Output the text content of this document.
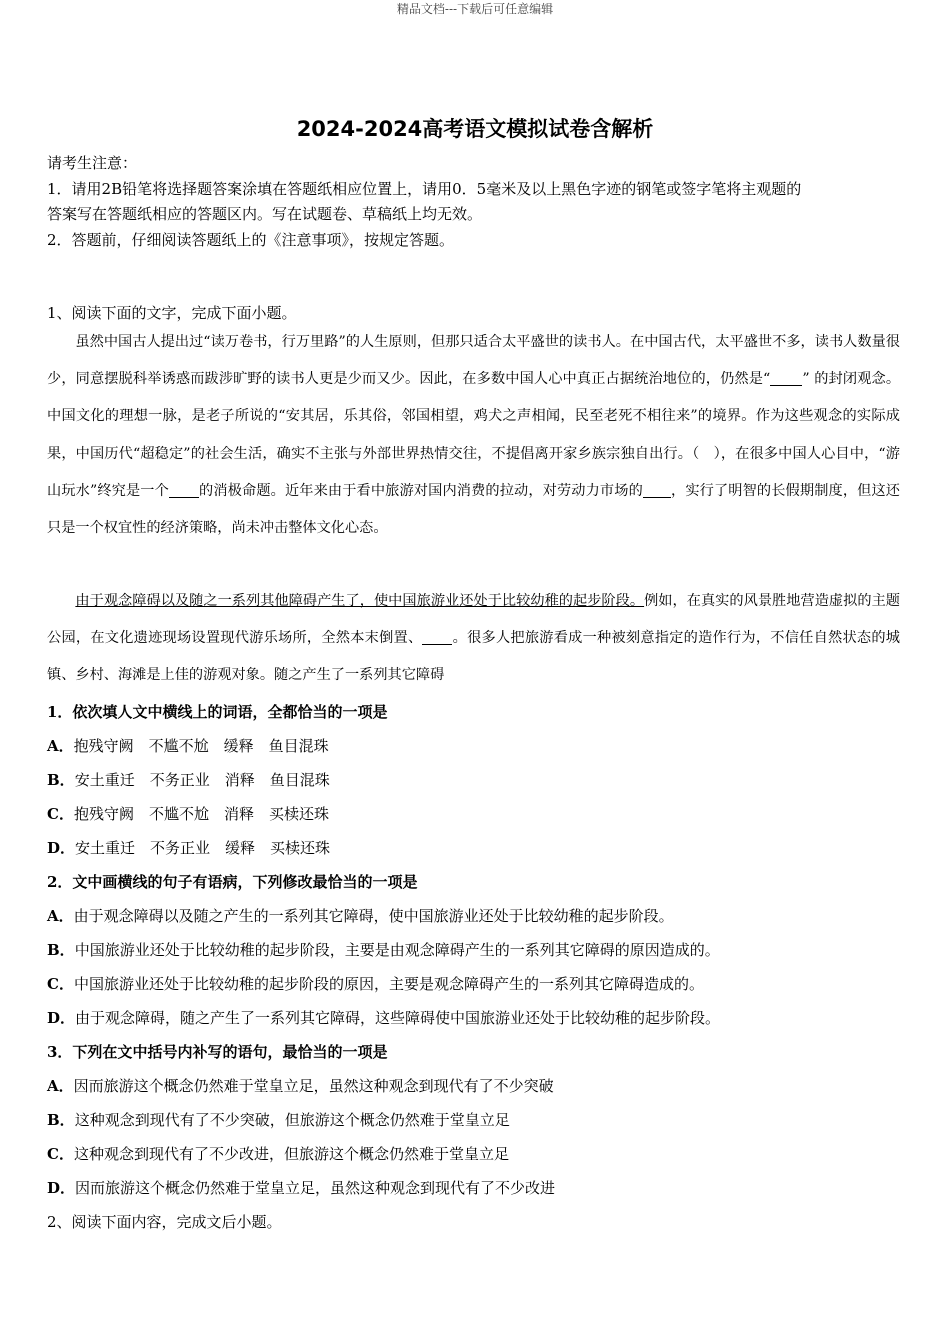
精品文档---下载后可任意编辑
2024-2024高考语文模拟试卷含解析
请考生注意：
1．请用2B铅笔将选择题答案涂填在答题纸相应位置上，请用0．5毫米及以上黑色字迹的钢笔或签字笔将主观题的
答案写在答题纸相应的答题区内。写在试题卷、草稿纸上均无效。
2．答题前，仔细阅读答题纸上的《注意事项》，按规定答题。
1、阅读下面的文字，完成下面小题。
虽然中国古人提出过“读万卷书，行万里路”的人生原则，但那只适合太平盛世的读书人。在中国古代，太平盛世不多，读书人数量很少，同意摆脱科举诱惑而跋涉旷野的读书人更是少而又少。因此，在多数中国人心中真正占据统治地位的，仍然是“ ” 的封闭观念。中国文化的理想一脉，是老子所说的“安其居，乐其俗，邻国相望，鸡犬之声相闻，民至老死不相往来”的境界。作为这些观念的实际成果，中国历代“超稳定”的社会生活，确实不主张与外部世界热情交往，不提倡离开家乡族宗独自出行。（　），在很多中国人心目中，“游山玩水”终究是一个 的消极命题。近年来由于看中旅游对国内消费的拉动，对劳动力市场的 ，实行了明智的长假期制度，但这还只是一个权宜性的经济策略，尚未冲击整体文化心态。
由于观念障碍以及随之一系列其他障碍产生了，使中国旅游业还处于比较幼稚的起步阶段。例如，在真实的风景胜地营造虚拟的主题公园，在文化遗迹现场设置现代游乐场所，全然本末倒置、 。很多人把旅游看成一种被刻意指定的造作行为，不信任自然状态的城镇、乡村、海滩是上佳的游观对象。随之产生了一系列其它障碍
1．依次填人文中横线上的词语，全都恰当的一项是
A．抱残守阙　不尴不尬　缓释　鱼目混珠
B．安土重迁　不务正业　消释　鱼目混珠
C．抱残守阙　不尴不尬　消释　买椟还珠
D．安土重迁　不务正业　缓释　买椟还珠
2．文中画横线的句子有语病，下列修改最恰当的一项是
A．由于观念障碍以及随之产生的一系列其它障碍，使中国旅游业还处于比较幼稚的起步阶段。
B．中国旅游业还处于比较幼稚的起步阶段，主要是由观念障碍产生的一系列其它障碍的原因造成的。
C．中国旅游业还处于比较幼稚的起步阶段的原因，主要是观念障碍产生的一系列其它障碍造成的。
D．由于观念障碍，随之产生了一系列其它障碍，这些障碍使中国旅游业还处于比较幼稚的起步阶段。
3．下列在文中括号内补写的语句，最恰当的一项是
A．因而旅游这个概念仍然难于堂皇立足，虽然这种观念到现代有了不少突破
B．这种观念到现代有了不少突破，但旅游这个概念仍然难于堂皇立足
C．这种观念到现代有了不少改进，但旅游这个概念仍然难于堂皇立足
D．因而旅游这个概念仍然难于堂皇立足，虽然这种观念到现代有了不少改进
2、阅读下面内容，完成文后小题。
